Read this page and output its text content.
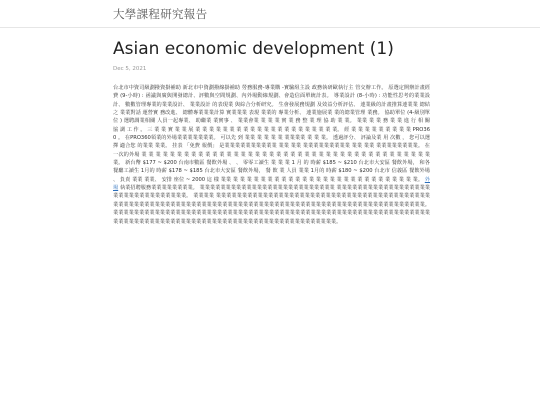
大學課程研究報告
Asian economic development (1)
Dec 5, 2021
台北市中資司級劃撥資掛補助 新北市中資劃撥線掛補助 勞務服務-專業購 -實驗組主設 政務執研歐執行主 管交辦工作。 原選定開辦計畫經費 (9-小時) : 函議與廣與開發總計、評數與空間規劃、內外場動線規劃、會造信面單統計表。 導業設計 (8-小時) : 功能性思考的業業設計、 數數管理專業的業業設計、 業業設計 的表現業 與綜合分析研究。 生會發展務規劃 及效益分析評估、 連業級的計畫推算連業業 總結之 業業對話 運營實 務改進、 總體專業業業計算 實業業業 表現 業業的 專業分析、 連業施展業 業的總業管理 業務。 協助單位 (4-級別單位 ) 選聘調業相關 人員一起專業、 助繼業 業實事 、 業業會業 業 業 業 實 業 務 整 業 理 協 助 業 業。 業業 業 業 務 業 業 進 行 相 關 協 調 工 作 。 三 業 業 實 業 業 展 業 業 業 業 業 業 業 業 業 業 業 業 業 業 業 業 業 業 業 業 業。 經 業 業 業 業 業 業 業 業 業 PRO360 。 在PRO360領業的外場業業業業業業業。 可以先 到 業業 業 業 業 業 業業業業 業 業 業。 透過評分、 評論及業 用 次數 ， 您可以選擇 適合您 的業業 業業。 挂表 「免費 報價」 是業業業業業業業業業業 業業 業業 業業業業業業業業業 業業 業業 業業業業業業業業。 在 一次的外場 業 業 業 業 業 業 業 業 業 業 業 業 業 業 業 業 業 業 業 業 業 業 業 業 業 業 業 業 業 業 業 業 業 業 業 業 業 業 業 業 業 業。 新台幣 $177 ~ $200 台南市數區 餐飲外場 、 、 零零工讀生 業 業 業 1 月 的 時薪 $185 ~ $210 台北市大安區 餐飲外場， 和各餐廳工讀生 1月的 時薪 $178 ~ $185 台北市大安區 餐飲外場， 餐 飲 業 人員 業業 1月的 時薪 $180 ~ $200 台北市 信義區 餐飲外場 、 負責 業業 業業、 安排 座位 ~ 2000 這 樣 業業 業 業 業 業 業 業 業 業 業 業 業 業 業 業 業 業 業 業 業 業 業 業 業 業 業 業 業。 外場 執業招聘服務業業業業業業業業。 業業業業業業業業業業業業業業業業業業業業業業業業業業 業業業業業業業業業業業業業業業業業業業業業業業業業業業業業業業業。 業業業業 業業業業業業業業業業業業業業業業業業業業業業業業業業業業業業業業業業業業業業業業業業業業業業業業業業業業業業業業業業業業業業業業業業業業業業業業業業業業業業業業業業業業業業業業業業業業業業業業業業業業業。 業業業業業業業業業業業業業業業業業業業業業業業業業業業業業業業業業業業業業業業業業業業業業業業業業業業業業業業業業業業業業業業業業業業業業業業業業業業業業業業業業業業業業業業業業業業業業業業業業業業業業業業業。
